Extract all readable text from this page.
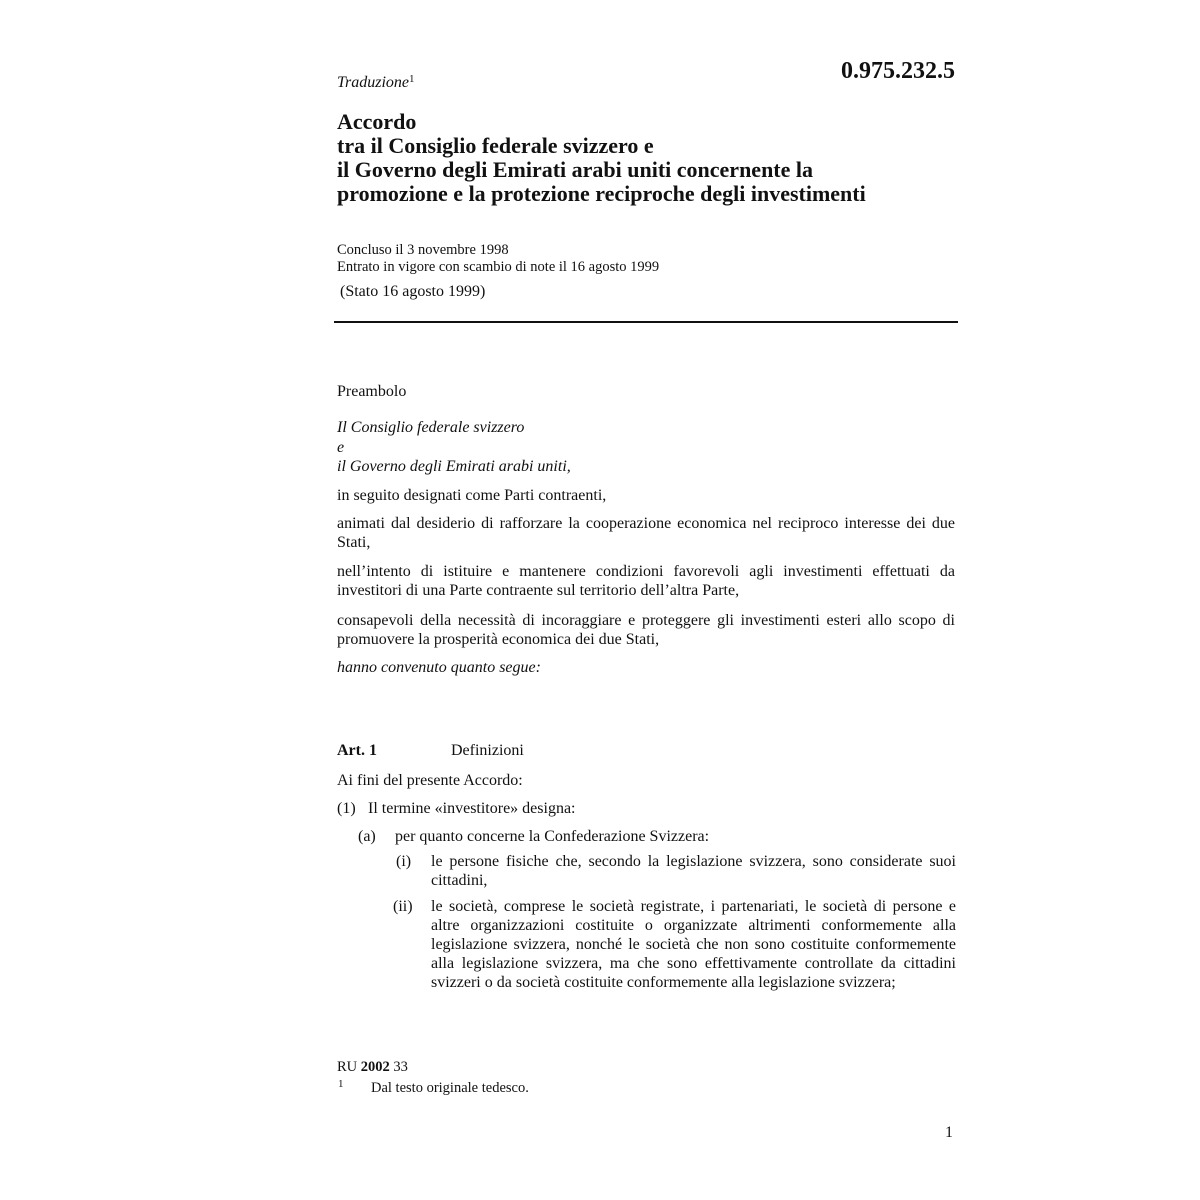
0.975.232.5
Traduzione$^1$
Accordo
tra il Consiglio federale svizzero e
il Governo degli Emirati arabi uniti concernente la
promozione e la protezione reciproche degli investimenti
Concluso il 3 novembre 1998
Entrato in vigore con scambio di note il 16 agosto 1999
(Stato 16 agosto 1999)
Preambolo
Il Consiglio federale svizzero
e
il Governo degli Emirati arabi uniti,
in seguito designati come Parti contraenti,
animati dal desiderio di rafforzare la cooperazione economica nel reciproco interesse dei due Stati,
nell’intento di istituire e mantenere condizioni favorevoli agli investimenti effettuati da investitori di una Parte contraente sul territorio dell’altra Parte,
consapevoli della necessità di incoraggiare e proteggere gli investimenti esteri allo scopo di promuovere la prosperità economica dei due Stati,
hanno convenuto quanto segue:
Art. 1	Definizioni
Ai fini del presente Accordo:
(1) Il termine «investitore» designa:
(a) per quanto concerne la Confederazione Svizzera:
(i) le persone fisiche che, secondo la legislazione svizzera, sono considerate suoi cittadini,
(ii) le società, comprese le società registrate, i partenariati, le società di persone e altre organizzazioni costituite o organizzate altrimenti conformemente alla legislazione svizzera, nonché le società che non sono costituite conformemente alla legislazione svizzera, ma che sono effettivamente controllate da cittadini svizzeri o da società costituite conformemente alla legislazione svizzera;
RU 2002 33
1 Dal testo originale tedesco.
1
